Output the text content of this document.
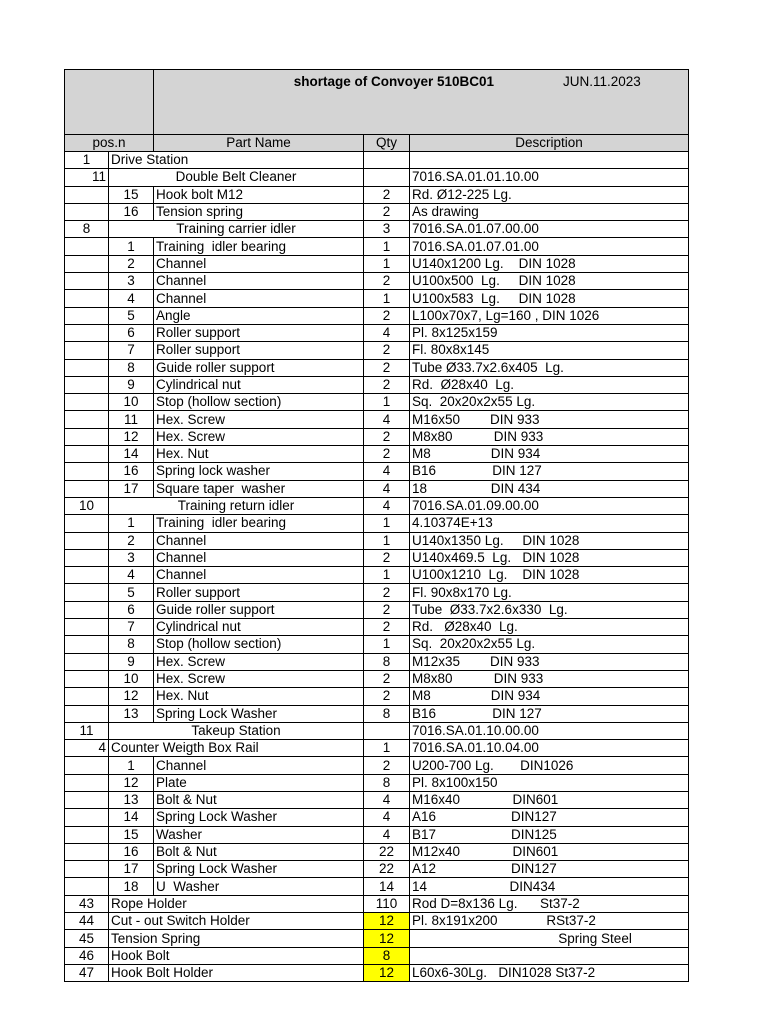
		shortage of Convoyer 510BC01

JUN.11.2023		

pos.n		Part Name	Qty	Description
1	Drive Station			
11	Double Belt Cleaner			7016.SA.01.01.10.00
	15	Hook bolt M12	2	Rd. Ø12-225 Lg.
	16	Tension spring	2	As drawing
8	Training carrier idler		3	7016.SA.01.07.00.00
	1	Training  idler bearing	1	7016.SA.01.07.01.00
	2	Channel	1	U140x1200 Lg.    DIN 1028
	3	Channel	2	U100x500  Lg.     DIN 1028
	4	Channel	1	U100x583  Lg.     DIN 1028
	5	Angle	2	L100x70x7, Lg=160 , DIN 1026
	6	Roller support	4	Pl. 8x125x159
	7	Roller support	2	Fl. 80x8x145
	8	Guide roller support	2	Tube Ø33.7x2.6x405  Lg.
	9	Cylindrical nut	2	Rd.  Ø28x40  Lg.
	10	Stop (hollow section)	1	Sq.  20x20x2x55 Lg.
	11	Hex. Screw	4	M16x50        DIN 933
	12	Hex. Screw	2	M8x80           DIN 933
	14	Hex. Nut	2	M8                DIN 934
	16	Spring lock washer	4	B16               DIN 127
	17	Square taper  washer	4	18                 DIN 434
10	Training return idler		4	7016.SA.01.09.00.00
	1	Training  idler bearing	1	4.10374E+13
	2	Channel	1	U140x1350 Lg.     DIN 1028
	3	Channel	2	U140x469.5  Lg.   DIN 1028
	4	Channel	1	U100x1210  Lg.    DIN 1028
	5	Roller support	2	Fl. 90x8x170 Lg.
	6	Guide roller support	2	Tube  Ø33.7x2.6x330  Lg.
	7	Cylindrical nut	2	Rd.   Ø28x40  Lg.
	8	Stop (hollow section)	1	Sq.  20x20x2x55 Lg.
	9	Hex. Screw	8	M12x35        DIN 933
	10	Hex. Screw	2	M8x80           DIN 933
	12	Hex. Nut	2	M8                DIN 934
	13	Spring Lock Washer	8	B16               DIN 127
11	Takeup Station			7016.SA.01.10.00.00
4	Counter Weigth Box Rail		1	7016.SA.01.10.04.00
	1	Channel	2	U200-700 Lg.       DIN1026
	12	Plate	8	Pl. 8x100x150
	13	Bolt & Nut	4	M16x40              DIN601
	14	Spring Lock Washer	4	A16                    DIN127
	15	Washer	4	B17                    DIN125
	16	Bolt & Nut	22	M12x40              DIN601
	17	Spring Lock Washer	22	A12                    DIN127
	18	U  Washer	14	14                      DIN434
43	Rope Holder		110	Rod D=8x136 Lg.      St37-2
44	Cut - out Switch Holder		12	Pl. 8x191x200             RSt37-2
45	Tension Spring		12	Spring Steel
46	Hook Bolt		8	
47	Hook Bolt Holder		12	L60x6-30Lg.   DIN1028 St37-2
